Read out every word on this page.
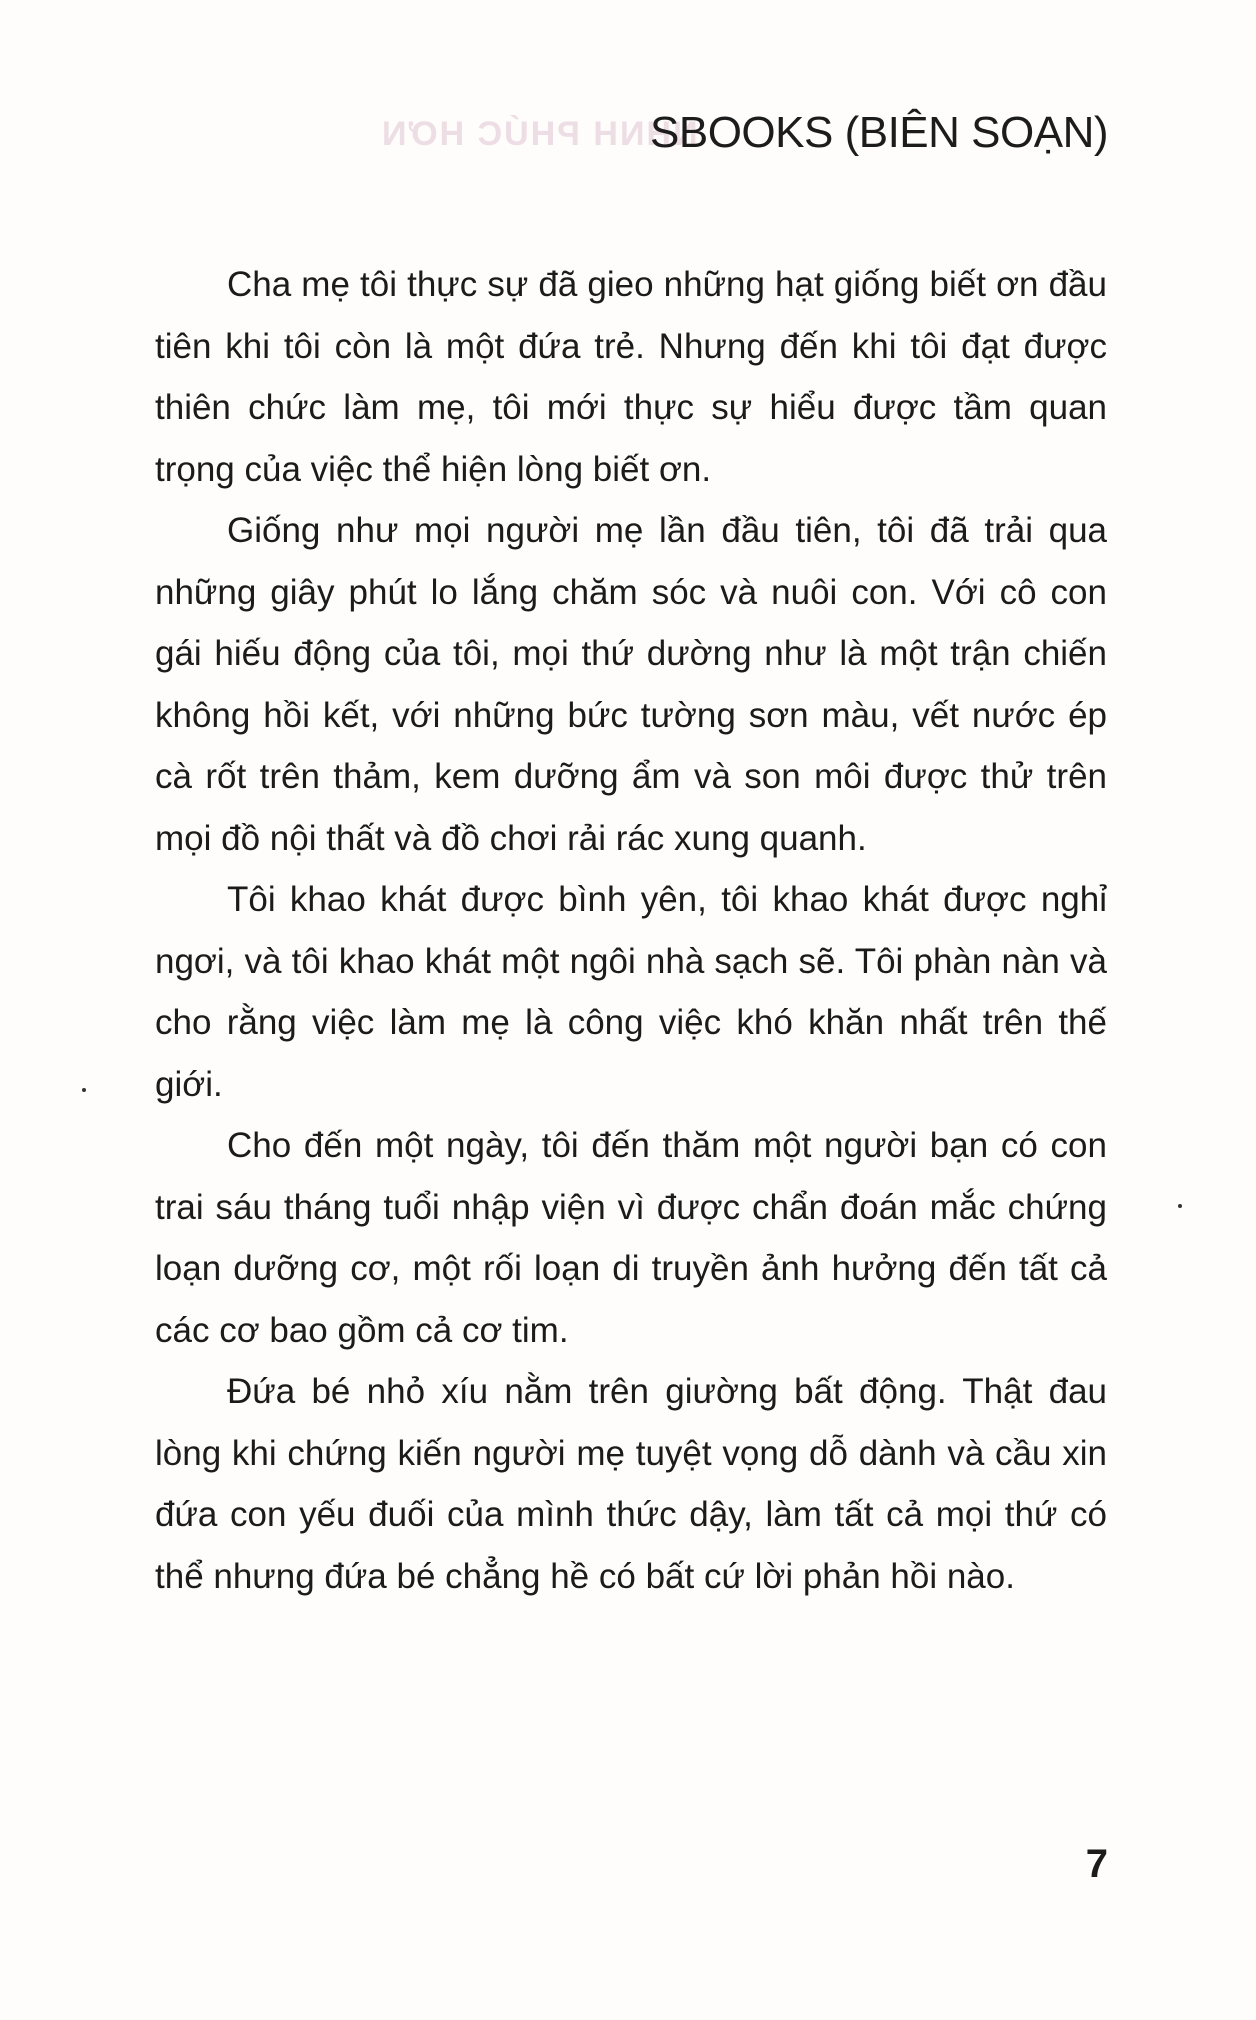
NHNH PHÚC HƠN
SBOOKS (BIÊN SOẠN)

Cha mẹ tôi thực sự đã gieo những hạt giống biết ơn đầu tiên khi tôi còn là một đứa trẻ. Nhưng đến khi tôi đạt được thiên chức làm mẹ, tôi mới thực sự hiểu được tầm quan trọng của việc thể hiện lòng biết ơn.

Giống như mọi người mẹ lần đầu tiên, tôi đã trải qua những giây phút lo lắng chăm sóc và nuôi con. Với cô con gái hiếu động của tôi, mọi thứ dường như là một trận chiến không hồi kết, với những bức tường sơn màu, vết nước ép cà rốt trên thảm, kem dưỡng ẩm và son môi được thử trên mọi đồ nội thất và đồ chơi rải rác xung quanh.

Tôi khao khát được bình yên, tôi khao khát được nghỉ ngơi, và tôi khao khát một ngôi nhà sạch sẽ. Tôi phàn nàn và cho rằng việc làm mẹ là công việc khó khăn nhất trên thế giới.

Cho đến một ngày, tôi đến thăm một người bạn có con trai sáu tháng tuổi nhập viện vì được chẩn đoán mắc chứng loạn dưỡng cơ, một rối loạn di truyền ảnh hưởng đến tất cả các cơ bao gồm cả cơ tim.

Đứa bé nhỏ xíu nằm trên giường bất động. Thật đau lòng khi chứng kiến người mẹ tuyệt vọng dỗ dành và cầu xin đứa con yếu đuối của mình thức dậy, làm tất cả mọi thứ có thể nhưng đứa bé chẳng hề có bất cứ lời phản hồi nào.

7
